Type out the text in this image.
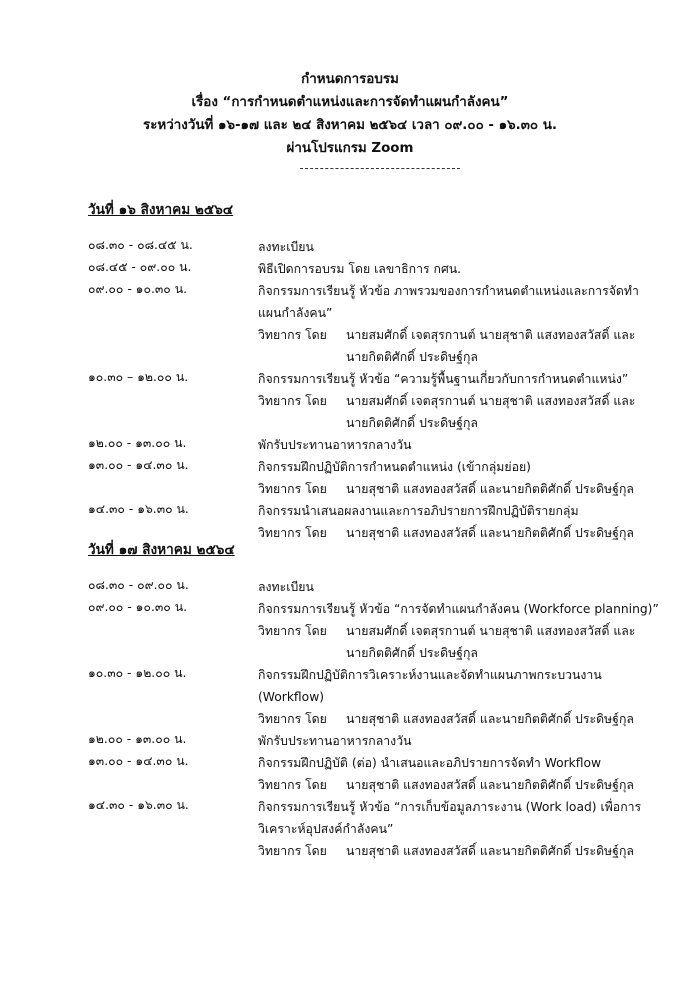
กำหนดการอบรม
เรื่อง “การกำหนดตำแหน่งและการจัดทำแผนกำลังคน”
ระหว่างวันที่ ๑๖-๑๗ และ ๒๔ สิงหาคม ๒๕๖๔ เวลา ๐๙.๐๐ - ๑๖.๓๐ น.
ผ่านโปรแกรม Zoom
วันที่ ๑๖ สิงหาคม ๒๕๖๔
๐๘.๓๐ - ๐๘.๔๕ น.	ลงทะเบียน
๐๘.๔๕ - ๐๙.๐๐ น.	พิธีเปิดการอบรม โดย เลขาธิการ กศน.
๐๙.๐๐ - ๑๐.๓๐ น.	กิจกรรมการเรียนรู้ หัวข้อ ภาพรวมของการกำหนดตำแหน่งและการจัดทำ
แผนกำลังคน”
วิทยากร โดย นายสมศักดิ์ เจตสุรกานต์ นายสุชาติ แสงทองสวัสดิ์ และ
นายกิตติศักดิ์ ประดิษฐ์กุล
๑๐.๓๐ – ๑๒.๐๐ น.	กิจกรรมการเรียนรู้ หัวข้อ “ความรู้พื้นฐานเกี่ยวกับการกำหนดตำแหน่ง”
วิทยากร โดย นายสมศักดิ์ เจตสุรกานต์ นายสุชาติ แสงทองสวัสดิ์ และ
นายกิตติศักดิ์ ประดิษฐ์กุล
๑๒.๐๐ - ๑๓.๐๐ น.	พักรับประทานอาหารกลางวัน
๑๓.๐๐ - ๑๔.๓๐ น.	กิจกรรมฝึกปฏิบัติการกำหนดตำแหน่ง (เข้ากลุ่มย่อย)
วิทยากร โดย นายสุชาติ แสงทองสวัสดิ์ และนายกิตติศักดิ์ ประดิษฐ์กุล
๑๔.๓๐ - ๑๖.๓๐ น.	กิจกรรมนำเสนอผลงานและการอภิปรายการฝึกปฏิบัติรายกลุ่ม
วิทยากร โดย นายสุชาติ แสงทองสวัสดิ์ และนายกิตติศักดิ์ ประดิษฐ์กุล
วันที่ ๑๗ สิงหาคม ๒๕๖๔
๐๘.๓๐ - ๐๙.๐๐ น.	ลงทะเบียน
๐๙.๐๐ - ๑๐.๓๐ น.	กิจกรรมการเรียนรู้ หัวข้อ “การจัดทำแผนกำลังคน (Workforce planning)”
วิทยากร โดย นายสมศักดิ์ เจตสุรกานต์ นายสุชาติ แสงทองสวัสดิ์ และ
นายกิตติศักดิ์ ประดิษฐ์กุล
๑๐.๓๐ - ๑๒.๐๐ น.	กิจกรรมฝึกปฏิบัติการวิเคราะห์งานและจัดทำแผนภาพกระบวนงาน
(Workflow)
วิทยากร โดย นายสุชาติ แสงทองสวัสดิ์ และนายกิตติศักดิ์ ประดิษฐ์กุล
๑๒.๐๐ - ๑๓.๐๐ น.	พักรับประทานอาหารกลางวัน
๑๓.๐๐ - ๑๔.๓๐ น.	กิจกรรมฝึกปฏิบัติ (ต่อ) นำเสนอและอภิปรายการจัดทำ Workflow
วิทยากร โดย นายสุชาติ แสงทองสวัสดิ์ และนายกิตติศักดิ์ ประดิษฐ์กุล
๑๔.๓๐ - ๑๖.๓๐ น.	กิจกรรมการเรียนรู้ หัวข้อ “การเก็บข้อมูลภาระงาน (Work load) เพื่อการ
วิเคราะห์อุปสงค์กำลังคน”
วิทยากร โดย นายสุชาติ แสงทองสวัสดิ์ และนายกิตติศักดิ์ ประดิษฐ์กุล
